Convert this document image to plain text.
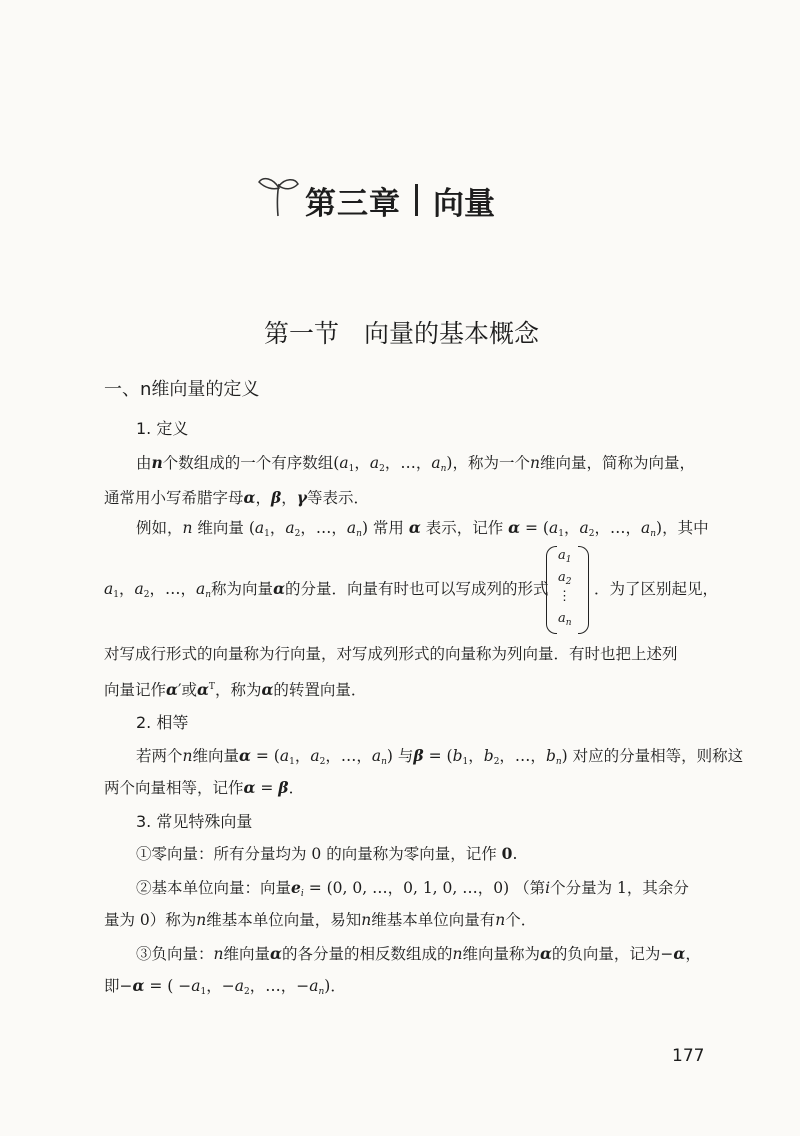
第三章 向量
第一节　向量的基本概念
一、n维向量的定义
1. 定义
由n个数组成的一个有序数组($a_1$，$a_2$，…，$a_n$)，称为一个n维向量，简称为向量，
通常用小写希腊字母α，β，γ等表示．
例如，n 维向量 ($a_1$，$a_2$，…，$a_n$) 常用 α 表示，记作 $\alpha = (a_1$，$a_2$，…，$a_n$)，其中
$a_1$，$a_2$，…，$a_n$称为向量α的分量．向量有时也可以写成列的形式
$a_1$
$a_2$
⋮
$a_n$
．为了区别起见，
对写成行形式的向量称为行向量，对写成列形式的向量称为列向量．有时也把上述列
向量记作α′或$\alpha^T$，称为α的转置向量．
2. 相等
若两个n维向量$\alpha = (a_1$，$a_2$，…，$a_n$) 与$\beta = (b_1$，$b_2$，…，$b_n$) 对应的分量相等，则称这
两个向量相等，记作α = β．
3. 常见特殊向量
①零向量：所有分量均为 0 的向量称为零向量，记作 0.
②基本单位向量：向量$e_i = (0$, 0, …，0, 1, 0, …，0) （第i个分量为 1，其余分
量为 0）称为n维基本单位向量，易知n维基本单位向量有n个．
③负向量：n维向量α的各分量的相反数组成的n维向量称为α的负向量，记为−α，
即−α = ( $-a_1$，$-a_2$，…，$-a_n$)．
177
